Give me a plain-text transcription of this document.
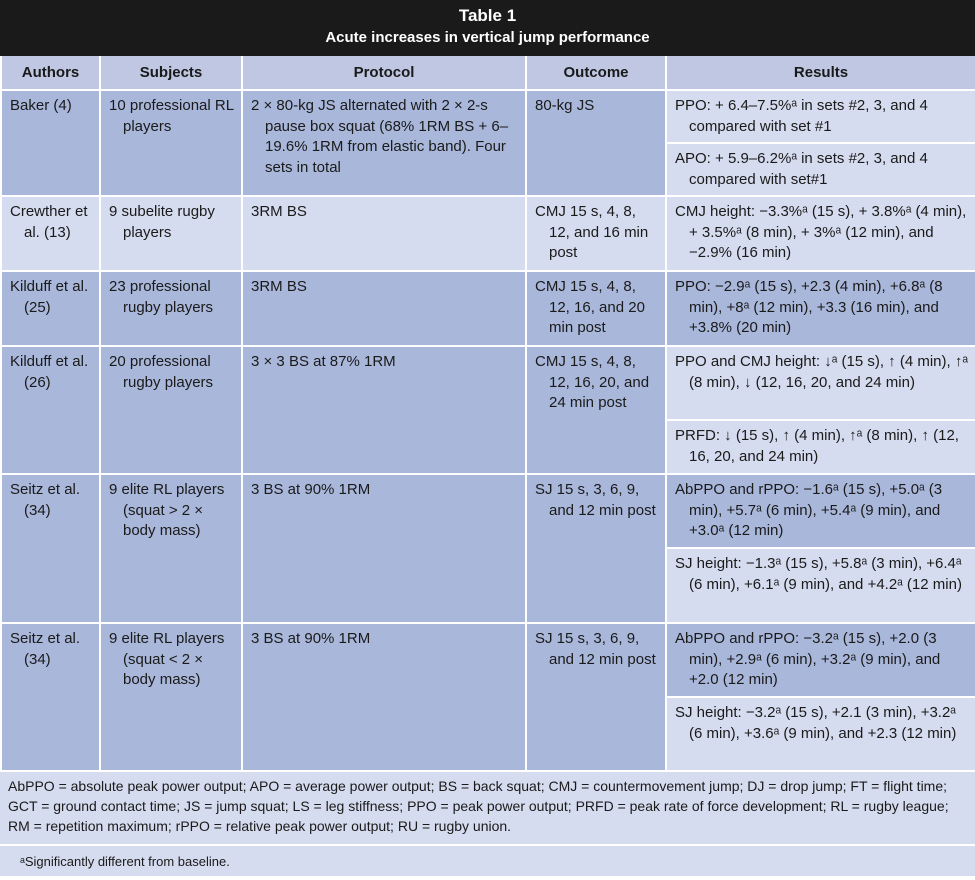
Table 1
Acute increases in vertical jump performance
Authors	Subjects	Protocol	Outcome	Results
Baker (4)	10 professional RL players	2 × 80-kg JS alternated with 2 × 2-s pause box squat (68% 1RM BS + 6–19.6% 1RM from elastic band). Four sets in total	80-kg JS	PPO: + 6.4–7.5%ᵃ in sets #2, 3, and 4 compared with set #1
				APO: + 5.9–6.2%ᵃ in sets #2, 3, and 4 compared with set#1
Crewther et al. (13)	9 subelite rugby players	3RM BS	CMJ 15 s, 4, 8, 12, and 16 min post	CMJ height: −3.3%ᵃ (15 s), + 3.8%ᵃ (4 min), + 3.5%ᵃ (8 min), + 3%ᵃ (12 min), and −2.9% (16 min)
Kilduff et al. (25)	23 professional rugby players	3RM BS	CMJ 15 s, 4, 8, 12, 16, and 20 min post	PPO: −2.9ᵃ (15 s), +2.3 (4 min), +6.8ᵃ (8 min), +8ᵃ (12 min), +3.3 (16 min), and +3.8% (20 min)
Kilduff et al. (26)	20 professional rugby players	3 × 3 BS at 87% 1RM	CMJ 15 s, 4, 8, 12, 16, 20, and 24 min post	PPO and CMJ height: ↓ᵃ (15 s), ↑ (4 min), ↑ᵃ (8 min), ↓ (12, 16, 20, and 24 min)
				PRFD: ↓ (15 s), ↑ (4 min), ↑ᵃ (8 min), ↑ (12, 16, 20, and 24 min)
Seitz et al. (34)	9 elite RL players (squat > 2 × body mass)	3 BS at 90% 1RM	SJ 15 s, 3, 6, 9, and 12 min post	AbPPO and rPPO: −1.6ᵃ (15 s), +5.0ᵃ (3 min), +5.7ᵃ (6 min), +5.4ᵃ (9 min), and +3.0ᵃ (12 min)
				SJ height: −1.3ᵃ (15 s), +5.8ᵃ (3 min), +6.4ᵃ (6 min), +6.1ᵃ (9 min), and +4.2ᵃ (12 min)
Seitz et al. (34)	9 elite RL players (squat < 2 × body mass)	3 BS at 90% 1RM	SJ 15 s, 3, 6, 9, and 12 min post	AbPPO and rPPO: −3.2ᵃ (15 s), +2.0 (3 min), +2.9ᵃ (6 min), +3.2ᵃ (9 min), and +2.0 (12 min)
				SJ height: −3.2ᵃ (15 s), +2.1 (3 min), +3.2ᵃ (6 min), +3.6ᵃ (9 min), and +2.3 (12 min)
AbPPO = absolute peak power output; APO = average power output; BS = back squat; CMJ = countermovement jump; DJ = drop jump; FT = flight time; GCT = ground contact time; JS = jump squat; LS = leg stiffness; PPO = peak power output; PRFD = peak rate of force development; RL = rugby league; RM = repetition maximum; rPPO = relative peak power output; RU = rugby union.
ᵃSignificantly different from baseline.
